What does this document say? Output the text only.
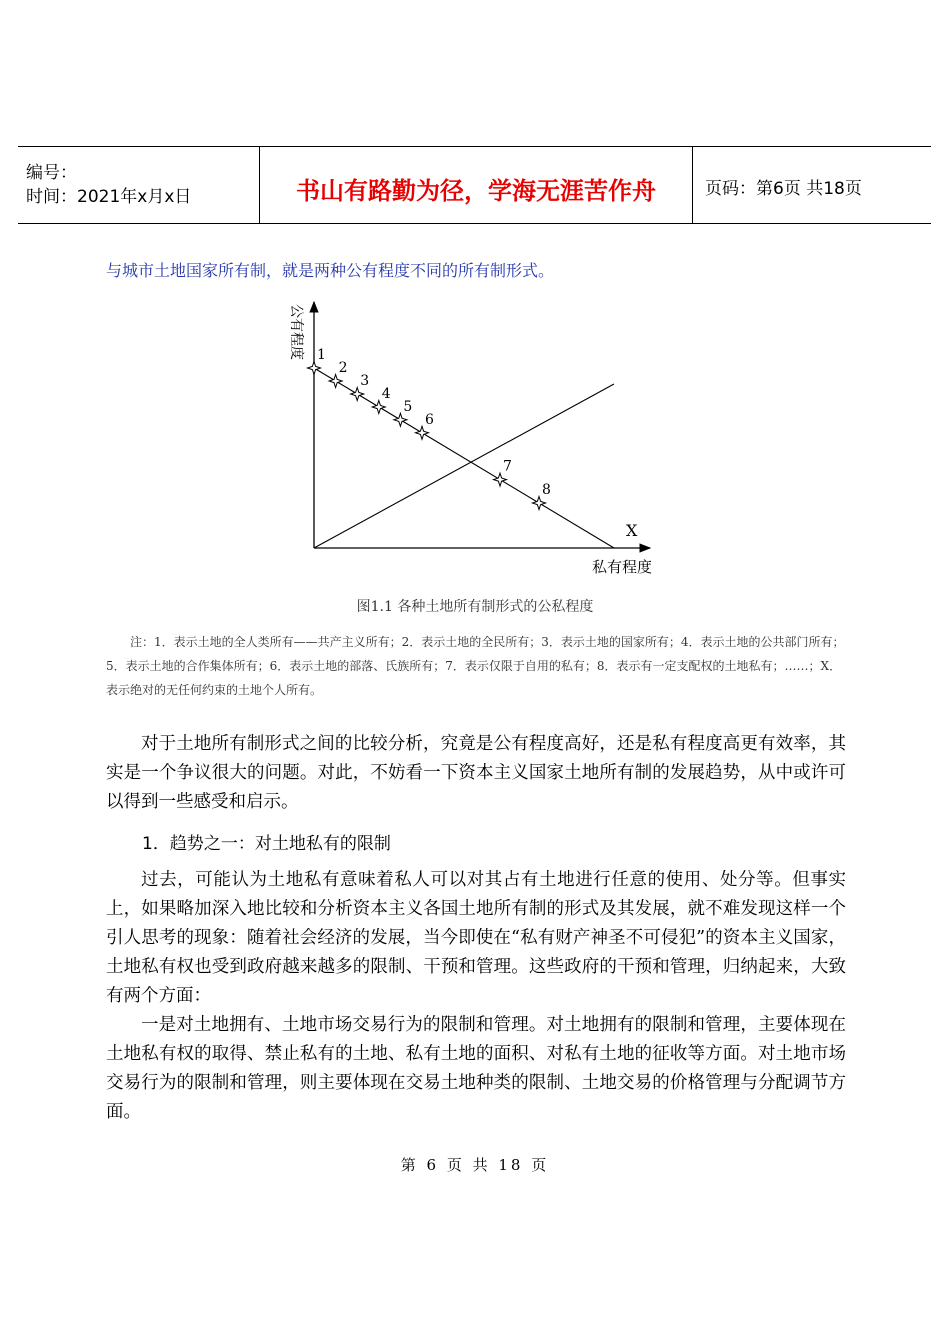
编号：
时间：2021年x月x日	书山有路勤为径，学海无涯苦作舟	页码：第6页 共18页
与城市土地国家所有制，就是两种公有程度不同的所有制形式。
1
2
3
4
5
6
7
8
X
公有程度
私有程度
图1.1 各种土地所有制形式的公私程度
注：1．表示土地的全人类所有——共产主义所有；2．表示土地的全民所有；3．表示土地的国家所有；4．表示土地的公共部门所有；5．表示土地的合作集体所有；6．表示土地的部落、氏族所有；7．表示仅限于自用的私有；8．表示有一定支配权的土地私有；……；X．表示绝对的无任何约束的土地个人所有。
对于土地所有制形式之间的比较分析，究竟是公有程度高好，还是私有程度高更有效率，其实是一个争议很大的问题。对此，不妨看一下资本主义国家土地所有制的发展趋势，从中或许可以得到一些感受和启示。
1．趋势之一：对土地私有的限制
过去，可能认为土地私有意味着私人可以对其占有土地进行任意的使用、处分等。但事实上，如果略加深入地比较和分析资本主义各国土地所有制的形式及其发展，就不难发现这样一个引人思考的现象：随着社会经济的发展，当今即使在“私有财产神圣不可侵犯”的资本主义国家，土地私有权也受到政府越来越多的限制、干预和管理。这些政府的干预和管理，归纳起来，大致有两个方面：
一是对土地拥有、土地市场交易行为的限制和管理。对土地拥有的限制和管理，主要体现在土地私有权的取得、禁止私有的土地、私有土地的面积、对私有土地的征收等方面。对土地市场交易行为的限制和管理，则主要体现在交易土地种类的限制、土地交易的价格管理与分配调节方面。
第 6 页 共 18 页
